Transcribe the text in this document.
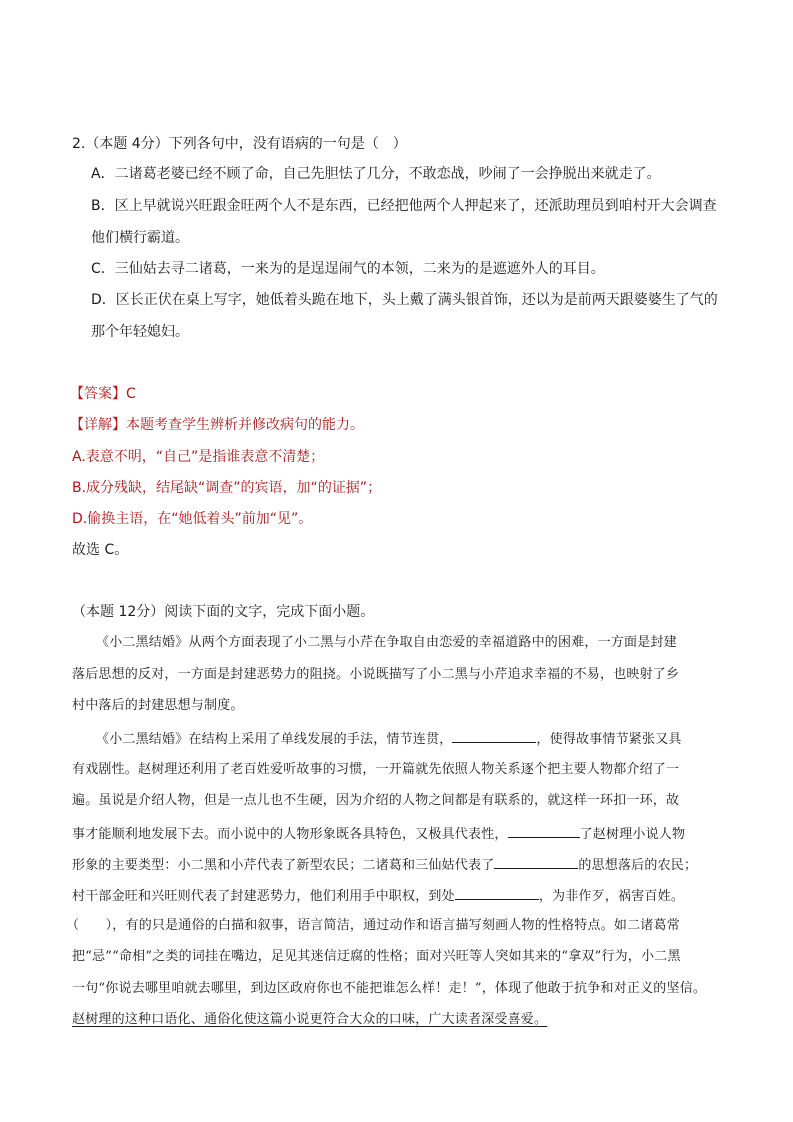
2.（本题 4分）下列各句中，没有语病的一句是（　）
A．二诸葛老婆已经不顾了命，自己先胆怯了几分，不敢恋战，吵闹了一会挣脱出来就走了。
B．区上早就说兴旺跟金旺两个人不是东西，已经把他两个人押起来了，还派助理员到咱村开大会调查
他们横行霸道。
C．三仙姑去寻二诸葛，一来为的是逞逞闹气的本领，二来为的是遮遮外人的耳目。
D．区长正伏在桌上写字，她低着头跪在地下，头上戴了满头银首饰，还以为是前两天跟婆婆生了气的
那个年轻媳妇。
【答案】C
【详解】本题考查学生辨析并修改病句的能力。
A.表意不明，“自己”是指谁表意不清楚；
B.成分残缺，结尾缺“调查”的宾语，加“的证据”；
D.偷换主语，在“她低着头”前加“见”。
故选 C。
（本题 12分）阅读下面的文字，完成下面小题。
《小二黑结婚》从两个方面表现了小二黑与小芹在争取自由恋爱的幸福道路中的困难，一方面是封建
落后思想的反对，一方面是封建恶势力的阻挠。小说既描写了小二黑与小芹追求幸福的不易，也映射了乡
村中落后的封建思想与制度。
《小二黑结婚》在结构上采用了单线发展的手法，情节连贯，	，使得故事情节紧张又具
有戏剧性。赵树理还利用了老百姓爱听故事的习惯，一开篇就先依照人物关系逐个把主要人物都介绍了一
遍。虽说是介绍人物，但是一点儿也不生硬，因为介绍的人物之间都是有联系的，就这样一环扣一环，故
事才能顺利地发展下去。而小说中的人物形象既各具特色，又极具代表性，	了赵树理小说人物
形象的主要类型：小二黑和小芹代表了新型农民；二诸葛和三仙姑代表了	的思想落后的农民；
村干部金旺和兴旺则代表了封建恶势力，他们利用手中职权，到处	，为非作歹，祸害百姓。
（　　），有的只是通俗的白描和叙事，语言简洁，通过动作和语言描写刻画人物的性格特点。如二诸葛常
把“忌”“命相”之类的词挂在嘴边，足见其迷信迂腐的性格；面对兴旺等人突如其来的“拿双”行为，小二黑
一句“你说去哪里咱就去哪里，到边区政府你也不能把谁怎么样！走！”，体现了他敢于抗争和对正义的坚信。
赵树理的这种口语化、通俗化使这篇小说更符合大众的口味，广大读者深受喜爱。
